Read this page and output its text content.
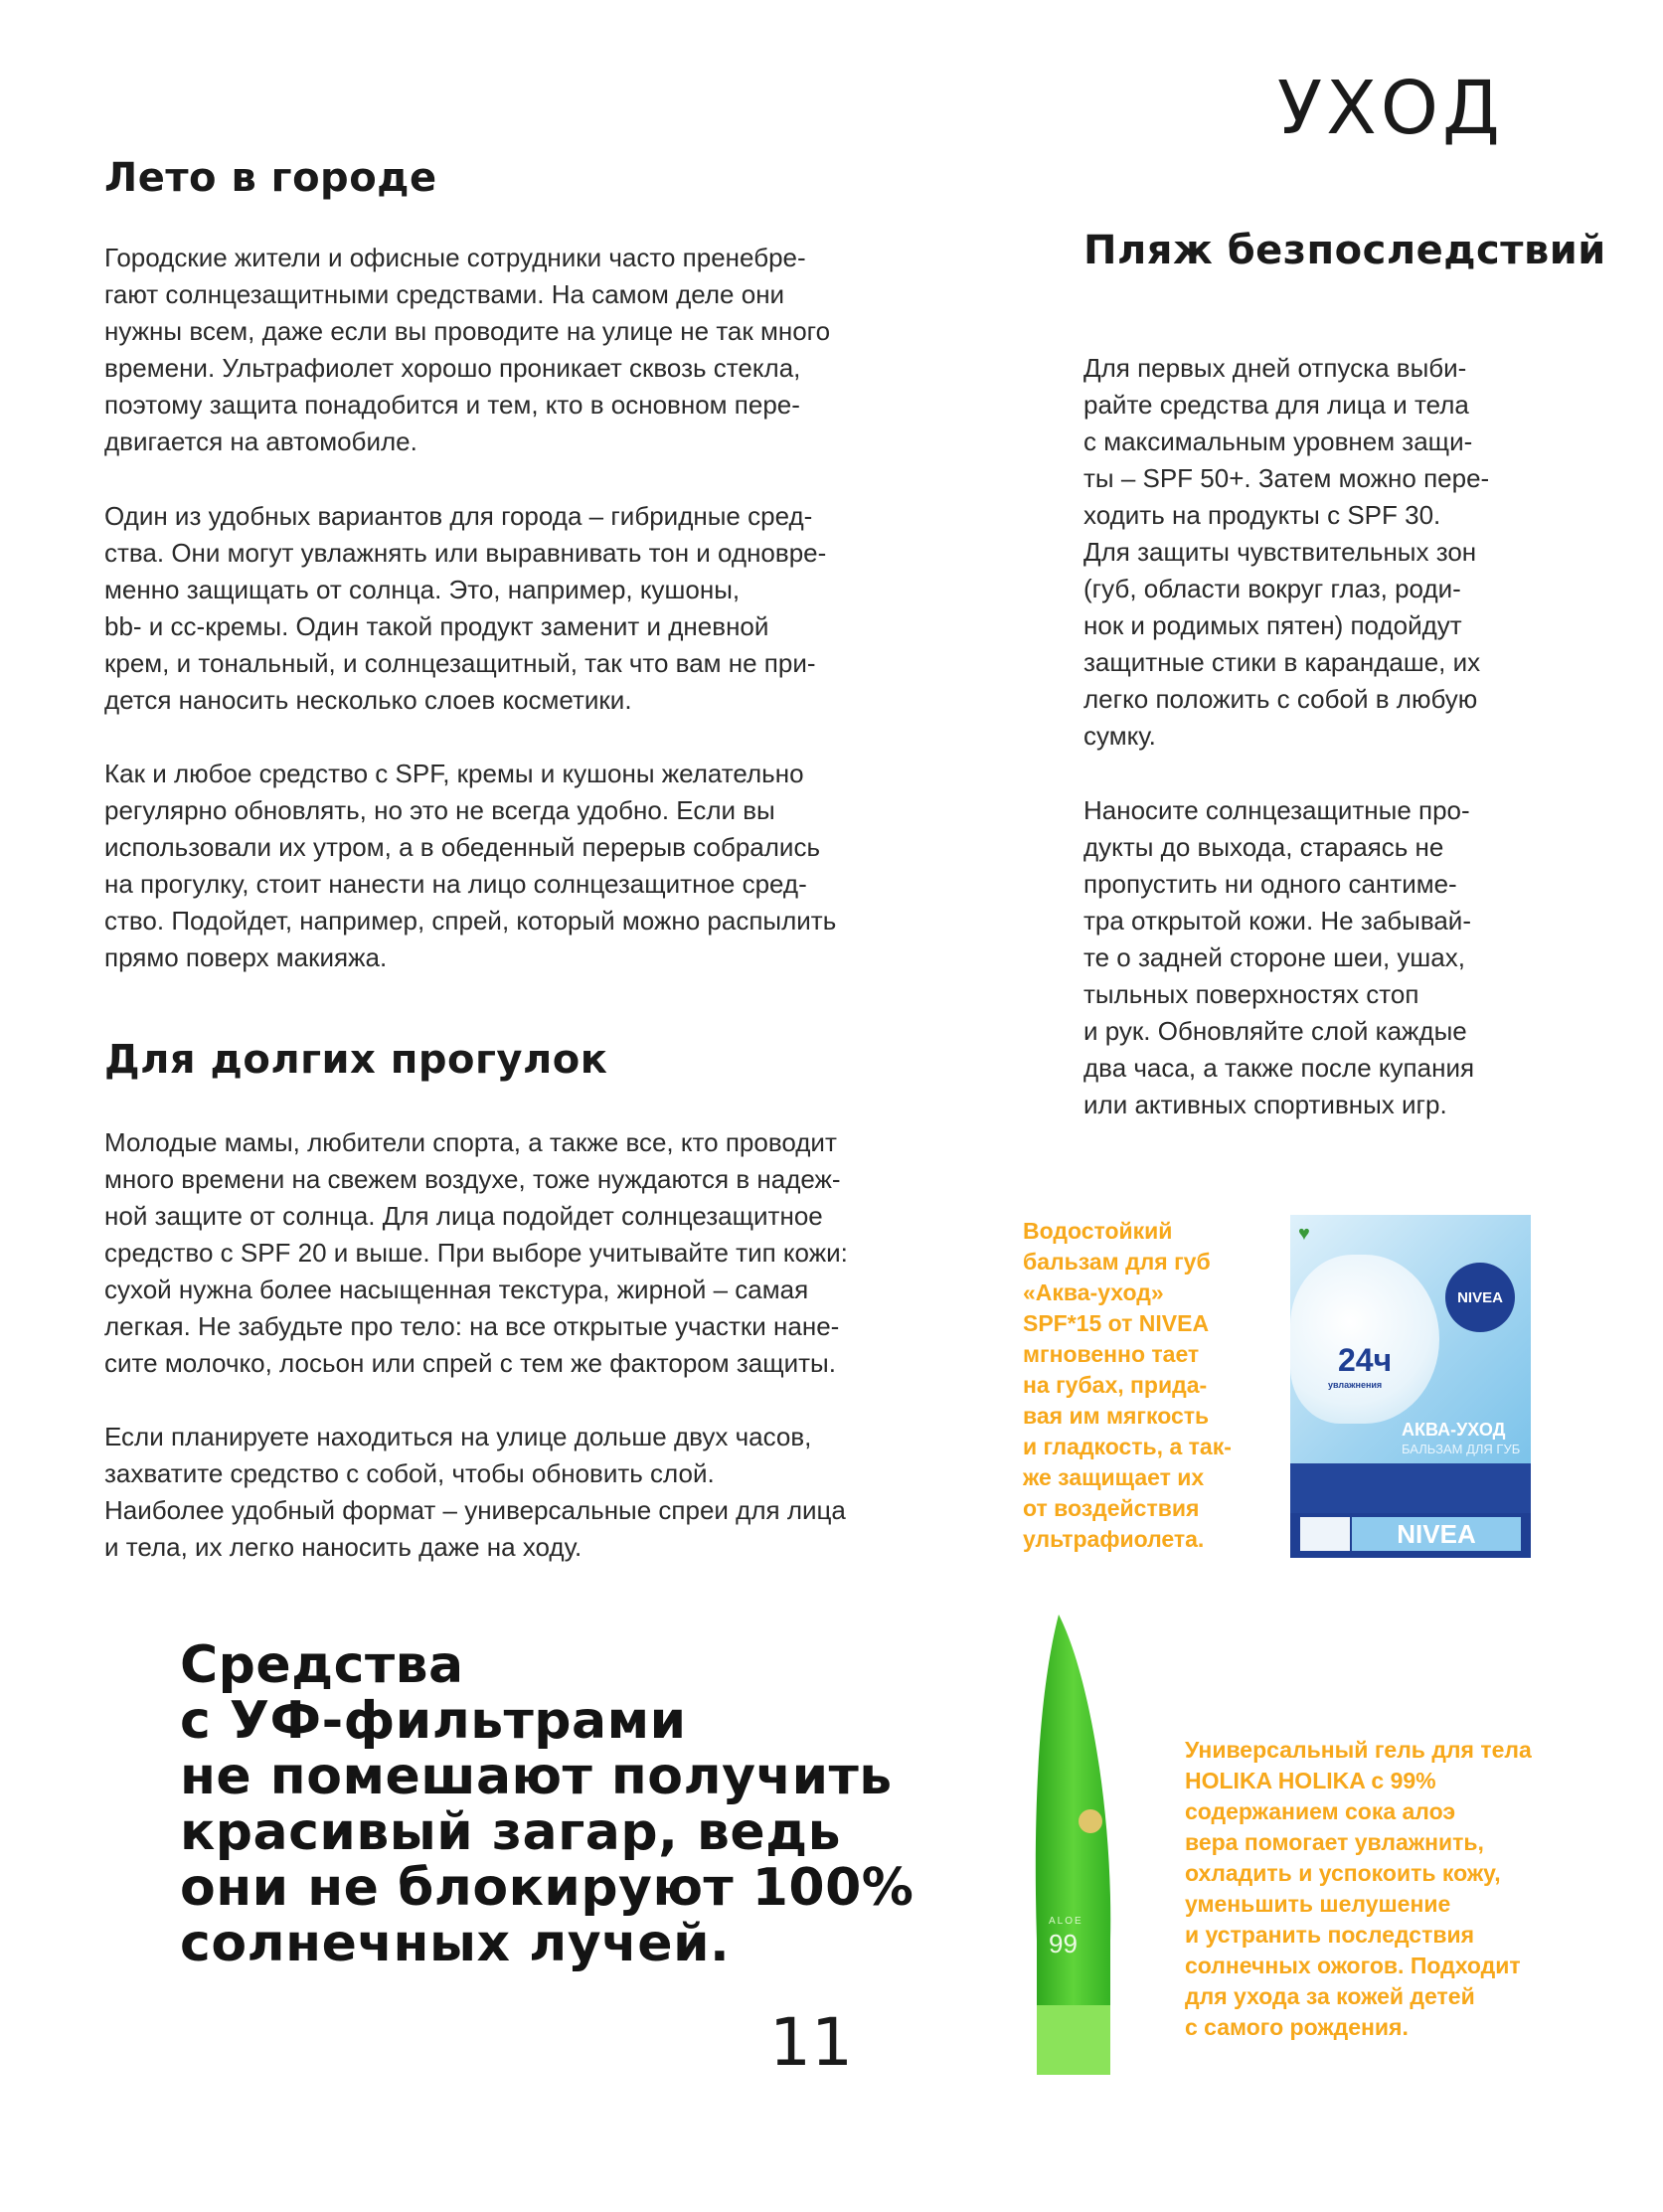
УХОД
Лето в городе
Городские жители и офисные сотрудники часто пренебре-
гают солнцезащитными средствами. На самом деле они
нужны всем, даже если вы проводите на улице не так много
времени. Ультрафиолет хорошо проникает сквозь стекла,
поэтому защита понадобится и тем, кто в основном пере-
двигается на автомобиле.
Один из удобных вариантов для города – гибридные сред-
ства. Они могут увлажнять или выравнивать тон и одновре-
менно защищать от солнца. Это, например, кушоны,
bb- и сс-кремы. Один такой продукт заменит и дневной
крем, и тональный, и солнцезащитный, так что вам не при-
дется наносить несколько слоев косметики.
Как и любое средство с SPF, кремы и кушоны желательно
регулярно обновлять, но это не всегда удобно. Если вы
использовали их утром, а в обеденный перерыв собрались
на прогулку, стоит нанести на лицо солнцезащитное сред-
ство. Подойдет, например, спрей, который можно распылить
прямо поверх макияжа.
Для долгих прогулок
Молодые мамы, любители спорта, а также все, кто проводит
много времени на свежем воздухе, тоже нуждаются в надеж-
ной защите от солнца. Для лица подойдет солнцезащитное
средство с SPF 20 и выше. При выборе учитывайте тип кожи:
сухой нужна более насыщенная текстура, жирной – самая
легкая. Не забудьте про тело: на все открытые участки нане-
сите молочко, лосьон или спрей с тем же фактором защиты.
Если планируете находиться на улице дольше двух часов,
захватите средство с собой, чтобы обновить слой.
Наиболее удобный формат – универсальные спреи для лица
и тела, их легко наносить даже на ходу.
Пляж безпоследствий
Для первых дней отпуска выби-
райте средства для лица и тела
с максимальным уровнем защи-
ты – SPF 50+. Затем можно пере-
ходить на продукты с SPF 30.
Для защиты чувствительных зон
(губ, области вокруг глаз, роди-
нок и родимых пятен) подойдут
защитные стики в карандаше, их
легко положить с собой в любую
сумку.
Наносите солнцезащитные про-
дукты до выхода, стараясь не
пропустить ни одного сантиме-
тра открытой кожи. Не забывай-
те о задней стороне шеи, ушах,
тыльных поверхностях стоп
и рук. Обновляйте слой каждые
два часа, а также после купания
или активных спортивных игр.
Водостойкий
бальзам для губ
«Аква-уход»
SPF*15 от NIVEA
мгновенно тает
на губах, прида-
вая им мягкость
и гладкость, а так-
же защищает их
от воздействия
ультрафиолета.
♥
NIVEA
24ч
увлажнения
АКВА-УХОД
БАЛЬЗАМ ДЛЯ ГУБ
NIVEA
ALOE
99
Универсальный гель для тела
HOLIKA HOLIKA с 99%
содержанием сока алоэ
вера помогает увлажнить,
охладить и успокоить кожу,
уменьшить шелушение
и устранить последствия
солнечных ожогов. Подходит
для ухода за кожей детей
с самого рождения.
Средства
с УФ-фильтрами
не помешают получить
красивый загар, ведь
они не блокируют 100%
солнечных лучей.
11
